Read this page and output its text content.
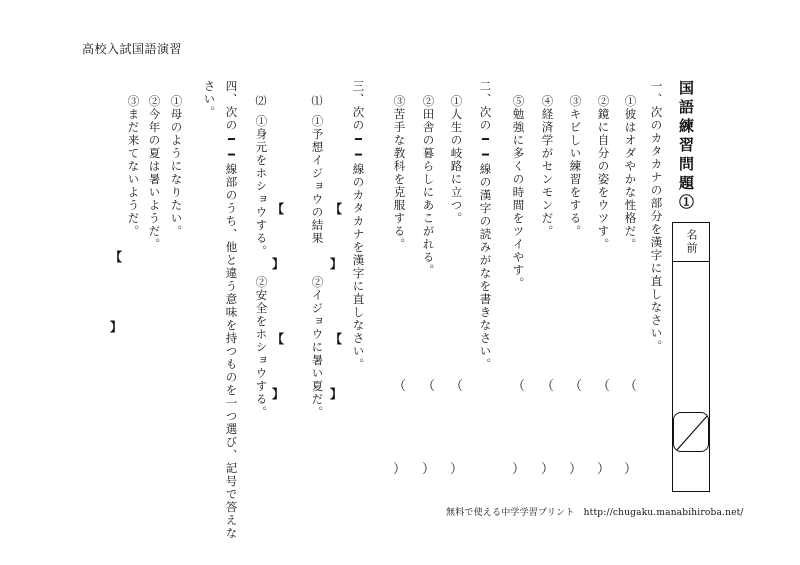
高校入試国語演習
国語練習問題①
名前
一、次のカタカナの部分を漢字に直しなさい。
①彼はオダやかな性格だ。
②鏡に自分の姿をウツす。
③キビしい練習をする。
④経済学がセンモンだ。
⑤勉強に多くの時間をツイやす。
（
）
（
）
（
）
（
）
（
）
二、次の━━線の漢字の読みがなを書きなさい。
①人生の岐路に立つ。
②田舎の暮らしにあこがれる。
③苦手な教科を克服する。
（
）
（
）
（
）
三、次の━━線のカタカナを漢字に直しなさい。
⑴
①予想イジョウの結果
②イジョウに暑い夏だ。
【
】
【
】
⑵
①身元をホショウする。
②安全をホショウする。
【
】
【
】
四、次の━━線部のうち、他と違う意味を持つものを一つ選び、記号で答えな
さい。
①母のようになりたい。
②今年の夏は暑いようだ。
③まだ来てないようだ。
【
】
無料で使える中学学習プリント　http://chugaku.manabihiroba.net/
